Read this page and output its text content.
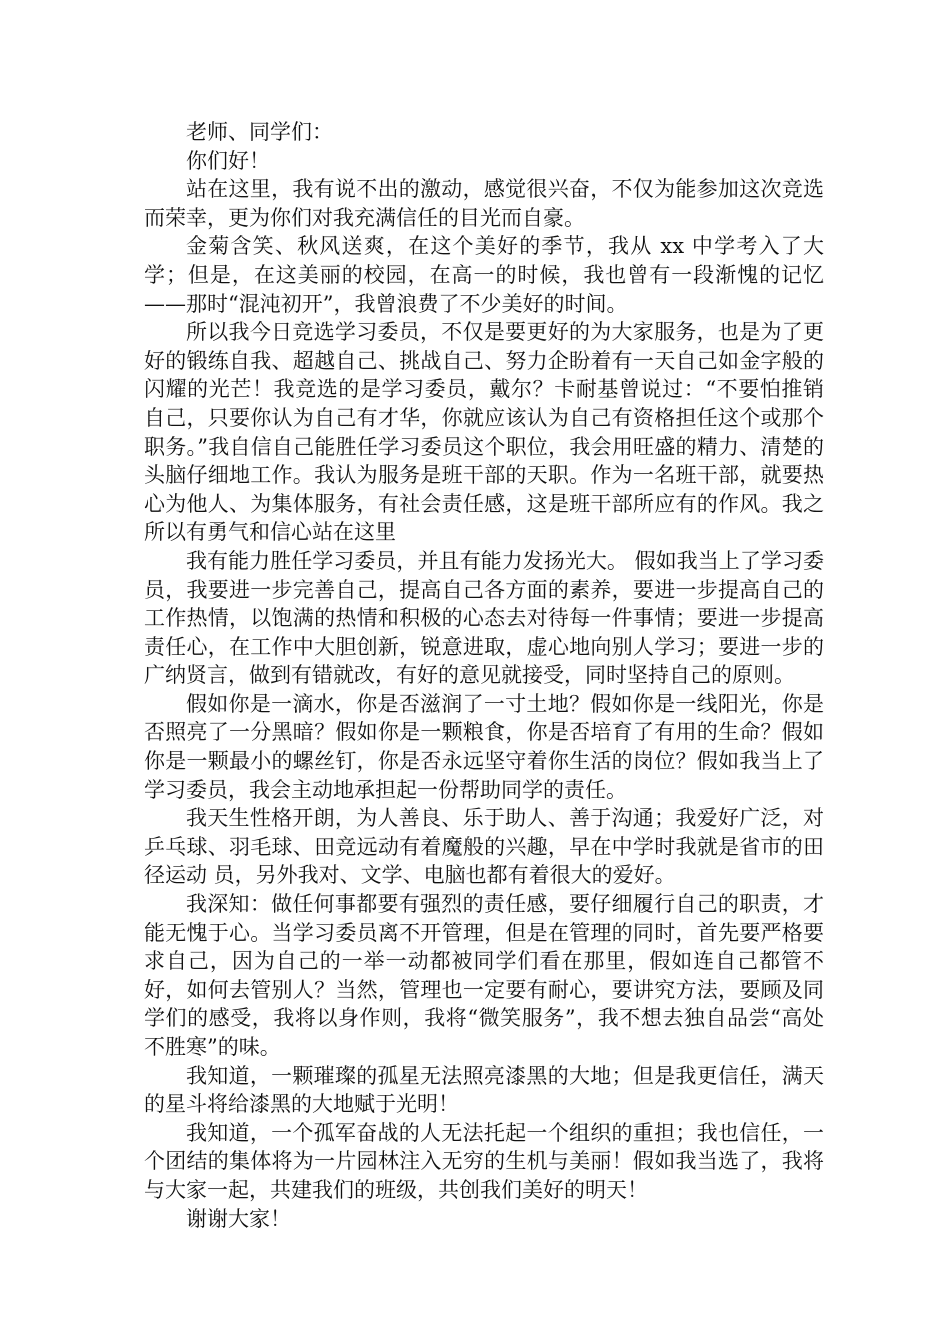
老师、同学们：

你们好！

站在这里，我有说不出的激动，感觉很兴奋，不仅为能参加这次竞选而荣幸，更为你们对我充满信任的目光而自豪。

金菊含笑、秋风送爽，在这个美好的季节，我从 xx 中学考入了大学；但是，在这美丽的校园，在高一的时候，我也曾有一段渐愧的记忆——那时“混沌初开”，我曾浪费了不少美好的时间。

所以我今日竞选学习委员，不仅是要更好的为大家服务，也是为了更好的锻练自我、超越自己、挑战自己、努力企盼着有一天自己如金字般的闪耀的光芒！我竞选的是学习委员，戴尔？卡耐基曾说过：“不要怕推销自己，只要你认为自己有才华，你就应该认为自己有资格担任这个或那个职务。”我自信自己能胜任学习委员这个职位，我会用旺盛的精力、清楚的头脑仔细地工作。我认为服务是班干部的天职。作为一名班干部，就要热心为他人、为集体服务，有社会责任感，这是班干部所应有的作风。我之所以有勇气和信心站在这里

我有能力胜任学习委员，并且有能力发扬光大。 假如我当上了学习委员，我要进一步完善自己，提高自己各方面的素养，要进一步提高自己的工作热情，以饱满的热情和积极的心态去对待每一件事情；要进一步提高责任心，在工作中大胆创新，锐意进取，虚心地向别人学习；要进一步的广纳贤言，做到有错就改，有好的意见就接受，同时坚持自己的原则。

假如你是一滴水，你是否滋润了一寸土地？假如你是一线阳光，你是否照亮了一分黑暗？假如你是一颗粮食，你是否培育了有用的生命？假如你是一颗最小的螺丝钉，你是否永远坚守着你生活的岗位？假如我当上了学习委员，我会主动地承担起一份帮助同学的责任。

我天生性格开朗，为人善良、乐于助人、善于沟通；我爱好广泛，对乒乓球、羽毛球、田竞远动有着魔般的兴趣，早在中学时我就是省市的田径运动 员，另外我对、文学、电脑也都有着很大的爱好。

我深知：做任何事都要有强烈的责任感，要仔细履行自己的职责，才能无愧于心。当学习委员离不开管理，但是在管理的同时，首先要严格要求自己，因为自己的一举一动都被同学们看在那里，假如连自己都管不好，如何去管别人？当然，管理也一定要有耐心，要讲究方法，要顾及同学们的感受，我将以身作则，我将“微笑服务”，我不想去独自品尝“高处不胜寒”的味。

我知道，一颗璀璨的孤星无法照亮漆黑的大地；但是我更信任，满天的星斗将给漆黑的大地赋于光明！

我知道，一个孤军奋战的人无法托起一个组织的重担；我也信任，一个团结的集体将为一片园林注入无穷的生机与美丽！假如我当选了，我将与大家一起，共建我们的班级，共创我们美好的明天！

谢谢大家！
